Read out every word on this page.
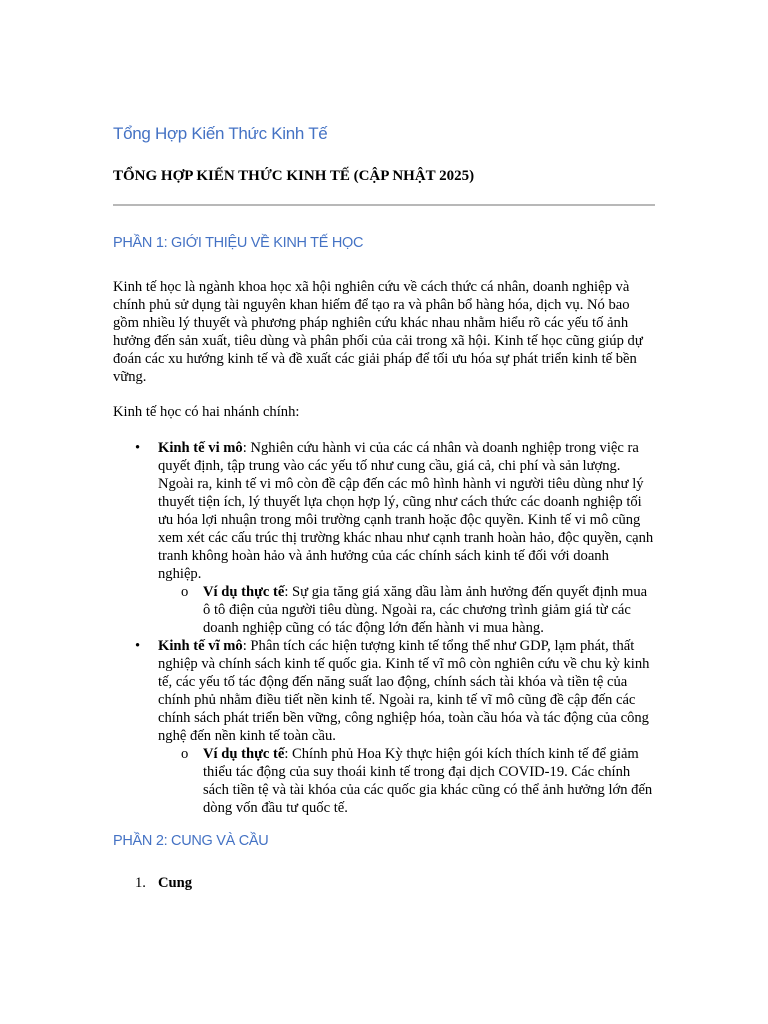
Tổng Hợp Kiến Thức Kinh Tế

TỔNG HỢP KIẾN THỨC KINH TẾ (CẬP NHẬT 2025)

PHẦN 1: GIỚI THIỆU VỀ KINH TẾ HỌC

Kinh tế học là ngành khoa học xã hội nghiên cứu về cách thức cá nhân, doanh nghiệp và chính phủ sử dụng tài nguyên khan hiếm để tạo ra và phân bổ hàng hóa, dịch vụ. Nó bao gồm nhiều lý thuyết và phương pháp nghiên cứu khác nhau nhằm hiểu rõ các yếu tố ảnh hưởng đến sản xuất, tiêu dùng và phân phối của cải trong xã hội. Kinh tế học cũng giúp dự đoán các xu hướng kinh tế và đề xuất các giải pháp để tối ưu hóa sự phát triển kinh tế bền vững.

Kinh tế học có hai nhánh chính:

• Kinh tế vi mô: Nghiên cứu hành vi của các cá nhân và doanh nghiệp trong việc ra quyết định, tập trung vào các yếu tố như cung cầu, giá cả, chi phí và sản lượng. Ngoài ra, kinh tế vi mô còn đề cập đến các mô hình hành vi người tiêu dùng như lý thuyết tiện ích, lý thuyết lựa chọn hợp lý, cũng như cách thức các doanh nghiệp tối ưu hóa lợi nhuận trong môi trường cạnh tranh hoặc độc quyền. Kinh tế vi mô cũng xem xét các cấu trúc thị trường khác nhau như cạnh tranh hoàn hảo, độc quyền, cạnh tranh không hoàn hảo và ảnh hưởng của các chính sách kinh tế đối với doanh nghiệp.
o Ví dụ thực tế: Sự gia tăng giá xăng dầu làm ảnh hưởng đến quyết định mua ô tô điện của người tiêu dùng. Ngoài ra, các chương trình giảm giá từ các doanh nghiệp cũng có tác động lớn đến hành vi mua hàng.
• Kinh tế vĩ mô: Phân tích các hiện tượng kinh tế tổng thể như GDP, lạm phát, thất nghiệp và chính sách kinh tế quốc gia. Kinh tế vĩ mô còn nghiên cứu về chu kỳ kinh tế, các yếu tố tác động đến năng suất lao động, chính sách tài khóa và tiền tệ của chính phủ nhằm điều tiết nền kinh tế. Ngoài ra, kinh tế vĩ mô cũng đề cập đến các chính sách phát triển bền vững, công nghiệp hóa, toàn cầu hóa và tác động của công nghệ đến nền kinh tế toàn cầu.
o Ví dụ thực tế: Chính phủ Hoa Kỳ thực hiện gói kích thích kinh tế để giảm thiểu tác động của suy thoái kinh tế trong đại dịch COVID-19. Các chính sách tiền tệ và tài khóa của các quốc gia khác cũng có thể ảnh hưởng lớn đến dòng vốn đầu tư quốc tế.
PHẦN 2: CUNG VÀ CẦU
1. Cung
